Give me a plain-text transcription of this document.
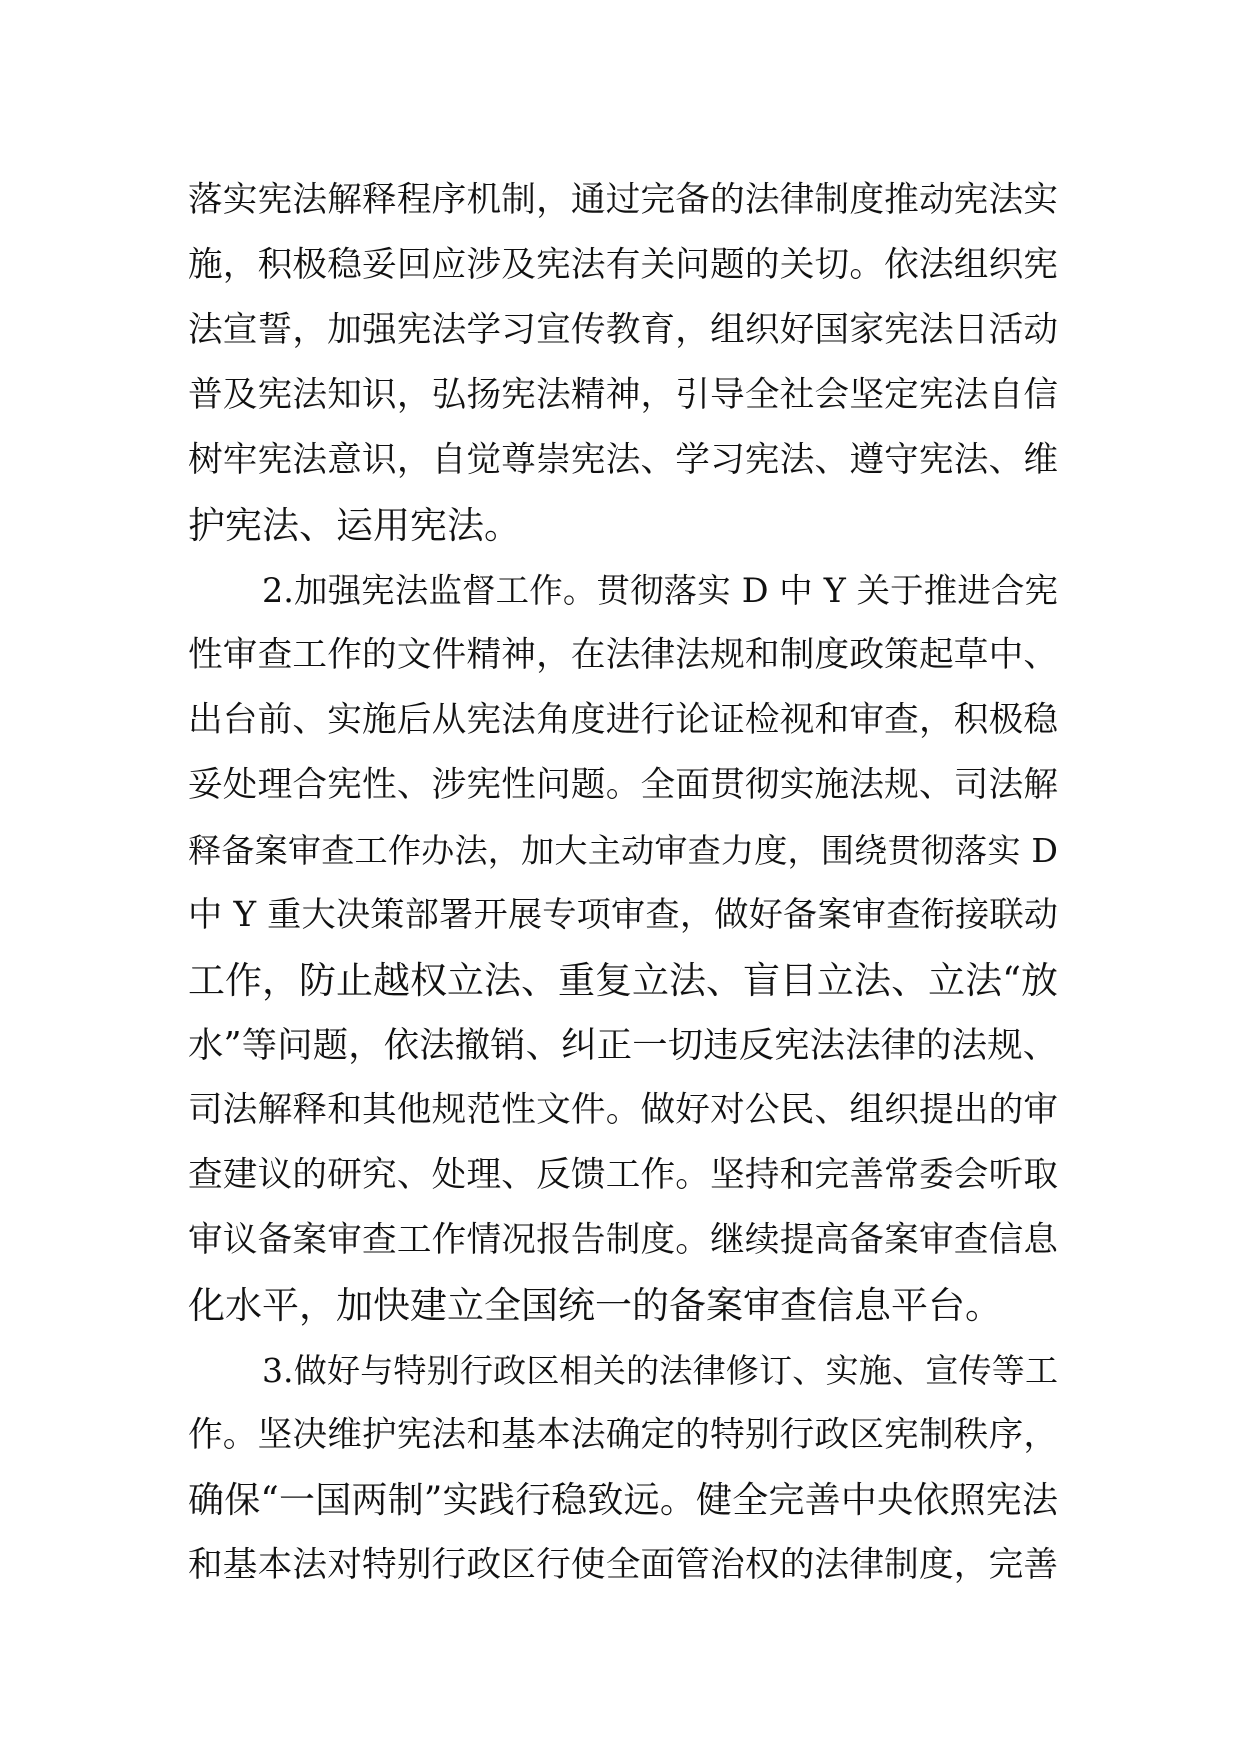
落实宪法解释程序机制，通过完备的法律制度推动宪法实
施，积极稳妥回应涉及宪法有关问题的关切。依法组织宪
法宣誓，加强宪法学习宣传教育，组织好国家宪法日活动
普及宪法知识，弘扬宪法精神，引导全社会坚定宪法自信
树牢宪法意识，自觉尊崇宪法、学习宪法、遵守宪法、维
护宪法、运用宪法。
2.加强宪法监督工作。贯彻落实 D 中 Y 关于推进合宪
性审查工作的文件精神，在法律法规和制度政策起草中、
出台前、实施后从宪法角度进行论证检视和审查，积极稳
妥处理合宪性、涉宪性问题。全面贯彻实施法规、司法解
释备案审查工作办法，加大主动审查力度，围绕贯彻落实 D
中 Y 重大决策部署开展专项审查，做好备案审查衔接联动
工作，防止越权立法、重复立法、盲目立法、立法“放
水”等问题，依法撤销、纠正一切违反宪法法律的法规、
司法解释和其他规范性文件。做好对公民、组织提出的审
查建议的研究、处理、反馈工作。坚持和完善常委会听取
审议备案审查工作情况报告制度。继续提高备案审查信息
化水平，加快建立全国统一的备案审查信息平台。
3.做好与特别行政区相关的法律修订、实施、宣传等工
作。坚决维护宪法和基本法确定的特别行政区宪制秩序，
确保“一国两制”实践行稳致远。健全完善中央依照宪法
和基本法对特别行政区行使全面管治权的法律制度，完善
